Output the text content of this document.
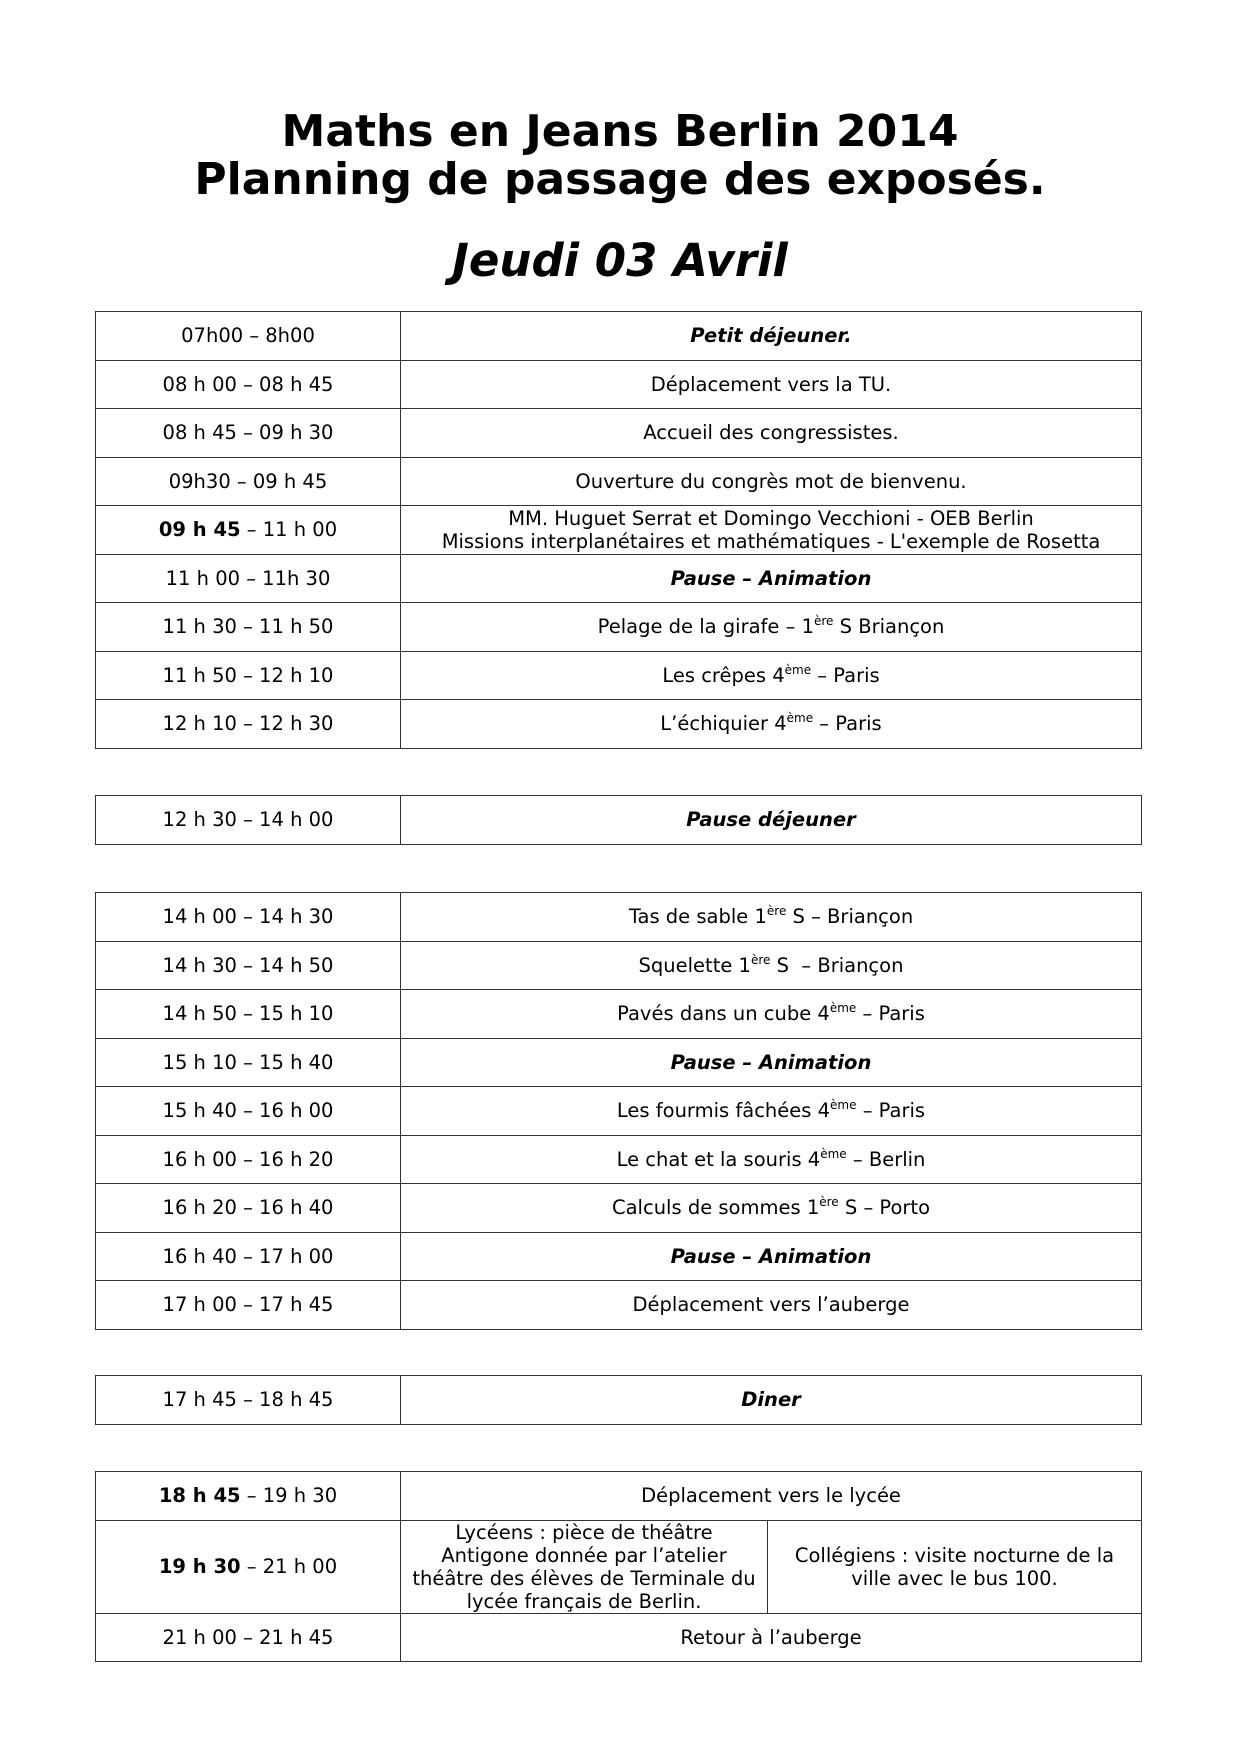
Maths en Jeans Berlin 2014
Planning de passage des exposés.
Jeudi 03 Avril
07h00 – 8h00	Petit déjeuner.
08 h 00 – 08 h 45	Déplacement vers la TU.
08 h 45 – 09 h 30	Accueil des congressistes.
09h30 – 09 h 45	Ouverture du congrès mot de bienvenu.
09 h 45 – 11 h 00	MM. Huguet Serrat et Domingo Vecchioni - OEB Berlin
Missions interplanétaires et mathématiques - L'exemple de Rosetta

11 h 00 – 11h 30	Pause – Animation
11 h 30 – 11 h 50	Pelage de la girafe – 1ère S Briançon
11 h 50 – 12 h 10	Les crêpes 4ème – Paris
12 h 10 – 12 h 30	L’échiquier 4ème – Paris
12 h 30 – 14 h 00	Pause déjeuner
14 h 00 – 14 h 30	Tas de sable 1ère S – Briançon
14 h 30 – 14 h 50	Squelette 1ère S  – Briançon
14 h 50 – 15 h 10	Pavés dans un cube 4ème – Paris
15 h 10 – 15 h 40	Pause – Animation
15 h 40 – 16 h 00	Les fourmis fâchées 4ème – Paris
16 h 00 – 16 h 20	Le chat et la souris 4ème – Berlin
16 h 20 – 16 h 40	Calculs de sommes 1ère S – Porto
16 h 40 – 17 h 00	Pause – Animation
17 h 00 – 17 h 45	Déplacement vers l’auberge
17 h 45 – 18 h 45	Diner
18 h 45 – 19 h 30	Déplacement vers le lycée	
19 h 30 – 21 h 00	Lycéens : pièce de théâtre Antigone donnée par l’atelier théâtre des élèves de Terminale du lycée français de Berlin.	Collégiens : visite nocturne de la ville avec le bus 100.
21 h 00 – 21 h 45	Retour à l’auberge	
